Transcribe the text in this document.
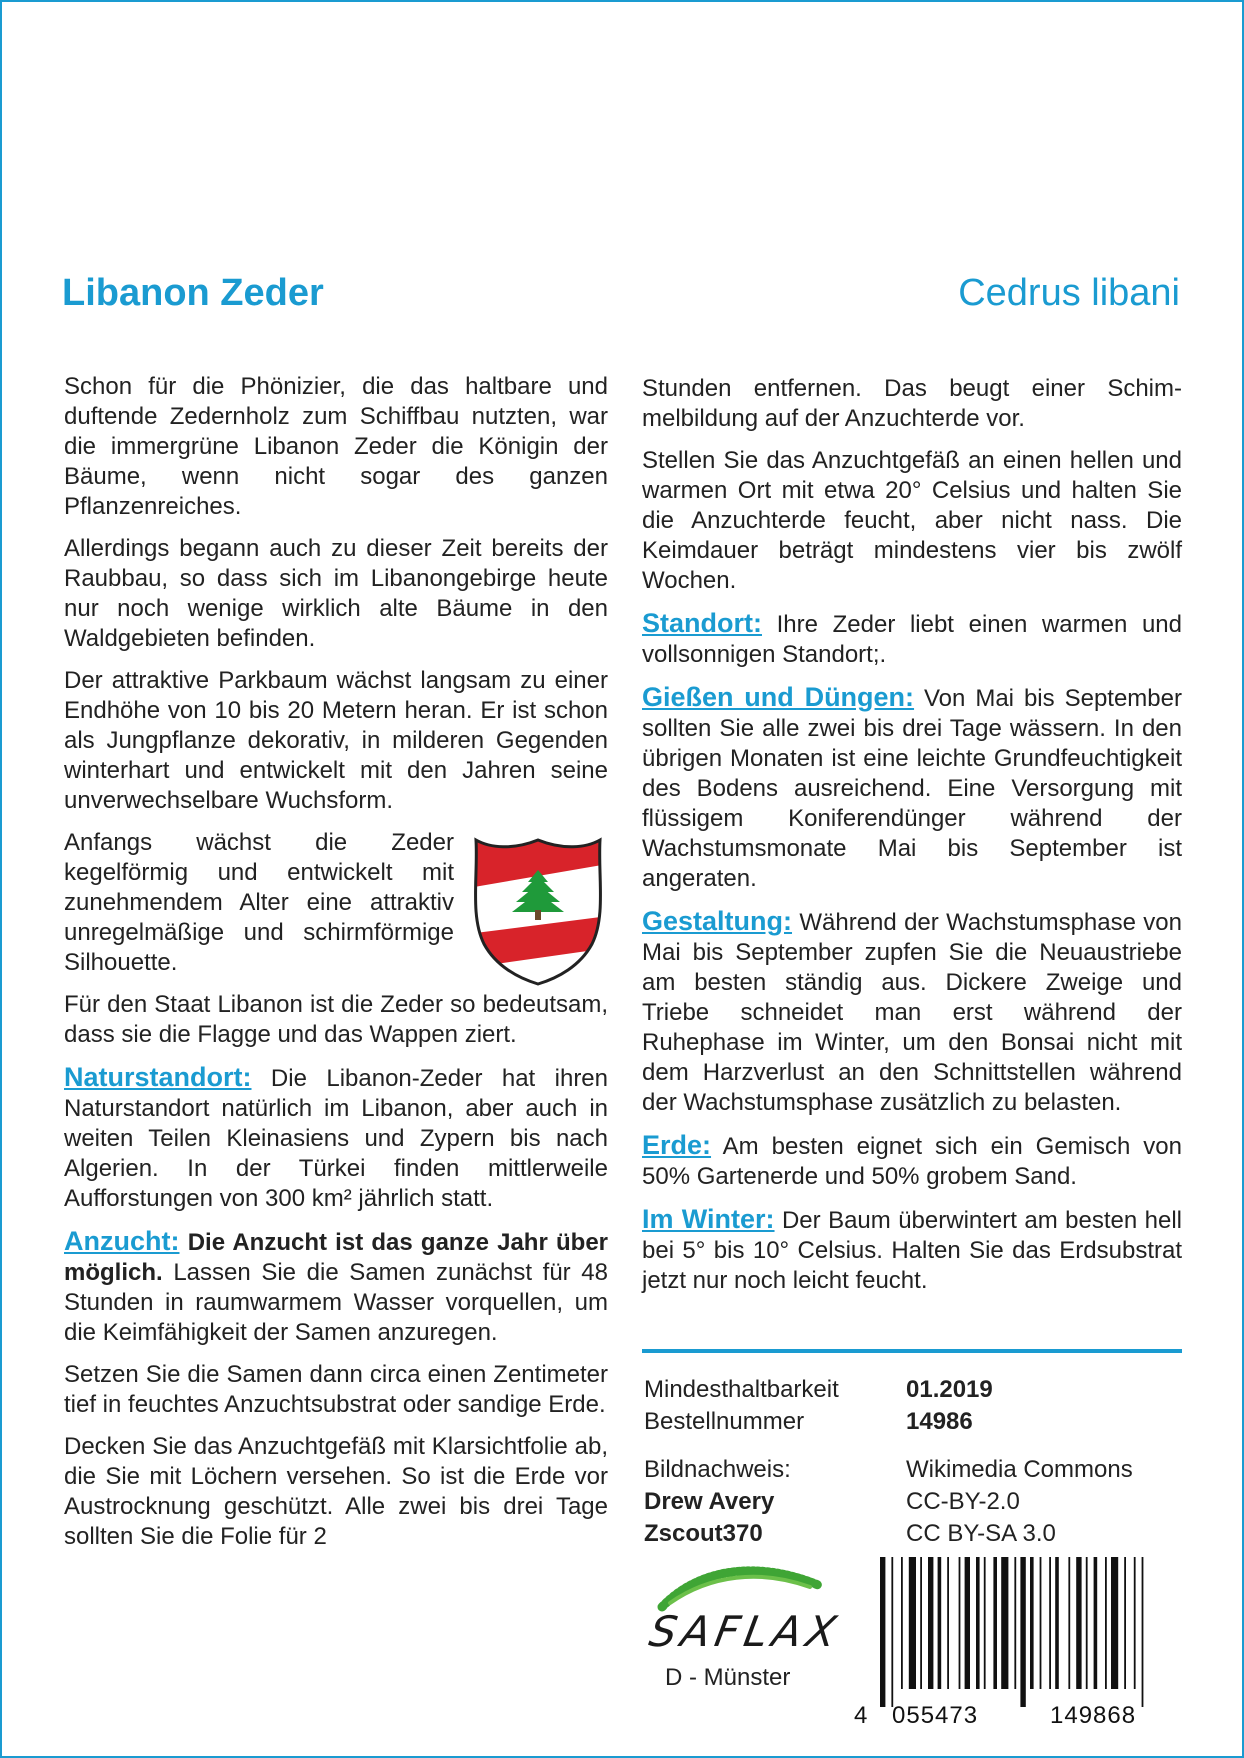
Libanon Zeder	Cedrus libani

Schon für die Phönizier, die das haltbare und duftende Zedernholz zum Schiffbau nutzten, war die immergrüne Libanon Zeder die Königin der Bäume, wenn nicht sogar des ganzen Pflanzenreiches.

Allerdings begann auch zu dieser Zeit bereits der Raubbau, so dass sich im Libanongebirge heute nur noch wenige wirklich alte Bäume in den Waldgebieten befinden.

Der attraktive Parkbaum wächst langsam zu einer Endhöhe von 10 bis 20 Metern heran. Er ist schon als Jungpflanze dekorativ, in milderen Gegenden winterhart und entwickelt mit den Jahren seine unverwechselbare Wuchsform.

Anfangs wächst die Zeder kegelförmig und entwickelt mit zunehmendem Alter eine attraktiv unregelmäßige und schirmförmige Silhouette.

Für den Staat Libanon ist die Zeder so bedeutsam, dass sie die Flagge und das Wappen ziert.

Naturstandort: Die Libanon-Zeder hat ihren Naturstandort natürlich im Libanon, aber auch in weiten Teilen Kleinasiens und Zypern bis nach Algerien. In der Türkei finden mittlerweile Aufforstungen von 300 km² jährlich statt.

Anzucht: Die Anzucht ist das ganze Jahr über möglich. Lassen Sie die Samen zunächst für 48 Stunden in raumwarmem Wasser vorquellen, um die Keimfähigkeit der Samen anzuregen.

Setzen Sie die Samen dann circa einen Zentimeter tief in feuchtes Anzuchtsubstrat oder sandige Erde.

Decken Sie das Anzuchtgefäß mit Klarsichtfolie ab, die Sie mit Löchern versehen. So ist die Erde vor Austrocknung geschützt. Alle zwei bis drei Tage sollten Sie die Folie für 2

Stunden entfernen. Das beugt einer Schimmelbildung auf der Anzuchterde vor.

Stellen Sie das Anzuchtgefäß an einen hellen und warmen Ort mit etwa 20° Celsius und halten Sie die Anzuchterde feucht, aber nicht nass. Die Keimdauer beträgt mindestens vier bis zwölf Wochen.

Standort: Ihre Zeder liebt einen warmen und vollsonnigen Standort;.

Gießen und Düngen: Von Mai bis September sollten Sie alle zwei bis drei Tage wässern. In den übrigen Monaten ist eine leichte Grundfeuchtigkeit des Bodens ausreichend. Eine Versorgung mit flüssigem Koniferendünger während der Wachstumsmonate Mai bis September ist angeraten.

Gestaltung: Während der Wachstumsphase von Mai bis September zupfen Sie die Neuaustriebe am besten ständig aus. Dickere Zweige und Triebe schneidet man erst während der Ruhephase im Winter, um den Bonsai nicht mit dem Harzverlust an den Schnittstellen während der Wachstumsphase zusätzlich zu belasten.

Erde: Am besten eignet sich ein Gemisch von 50% Gartenerde und 50% grobem Sand.

Im Winter: Der Baum überwintert am besten hell bei 5° bis 10° Celsius. Halten Sie das Erdsubstrat jetzt nur noch leicht feucht.

Mindesthaltbarkeit	01.2019
Bestellnummer	14986
Bildnachweis:	Wikimedia Commons
Drew Avery	CC-BY-2.0
Zscout370	CC BY-SA 3.0
SAFLAX
D - Münster
4 055473	149868
